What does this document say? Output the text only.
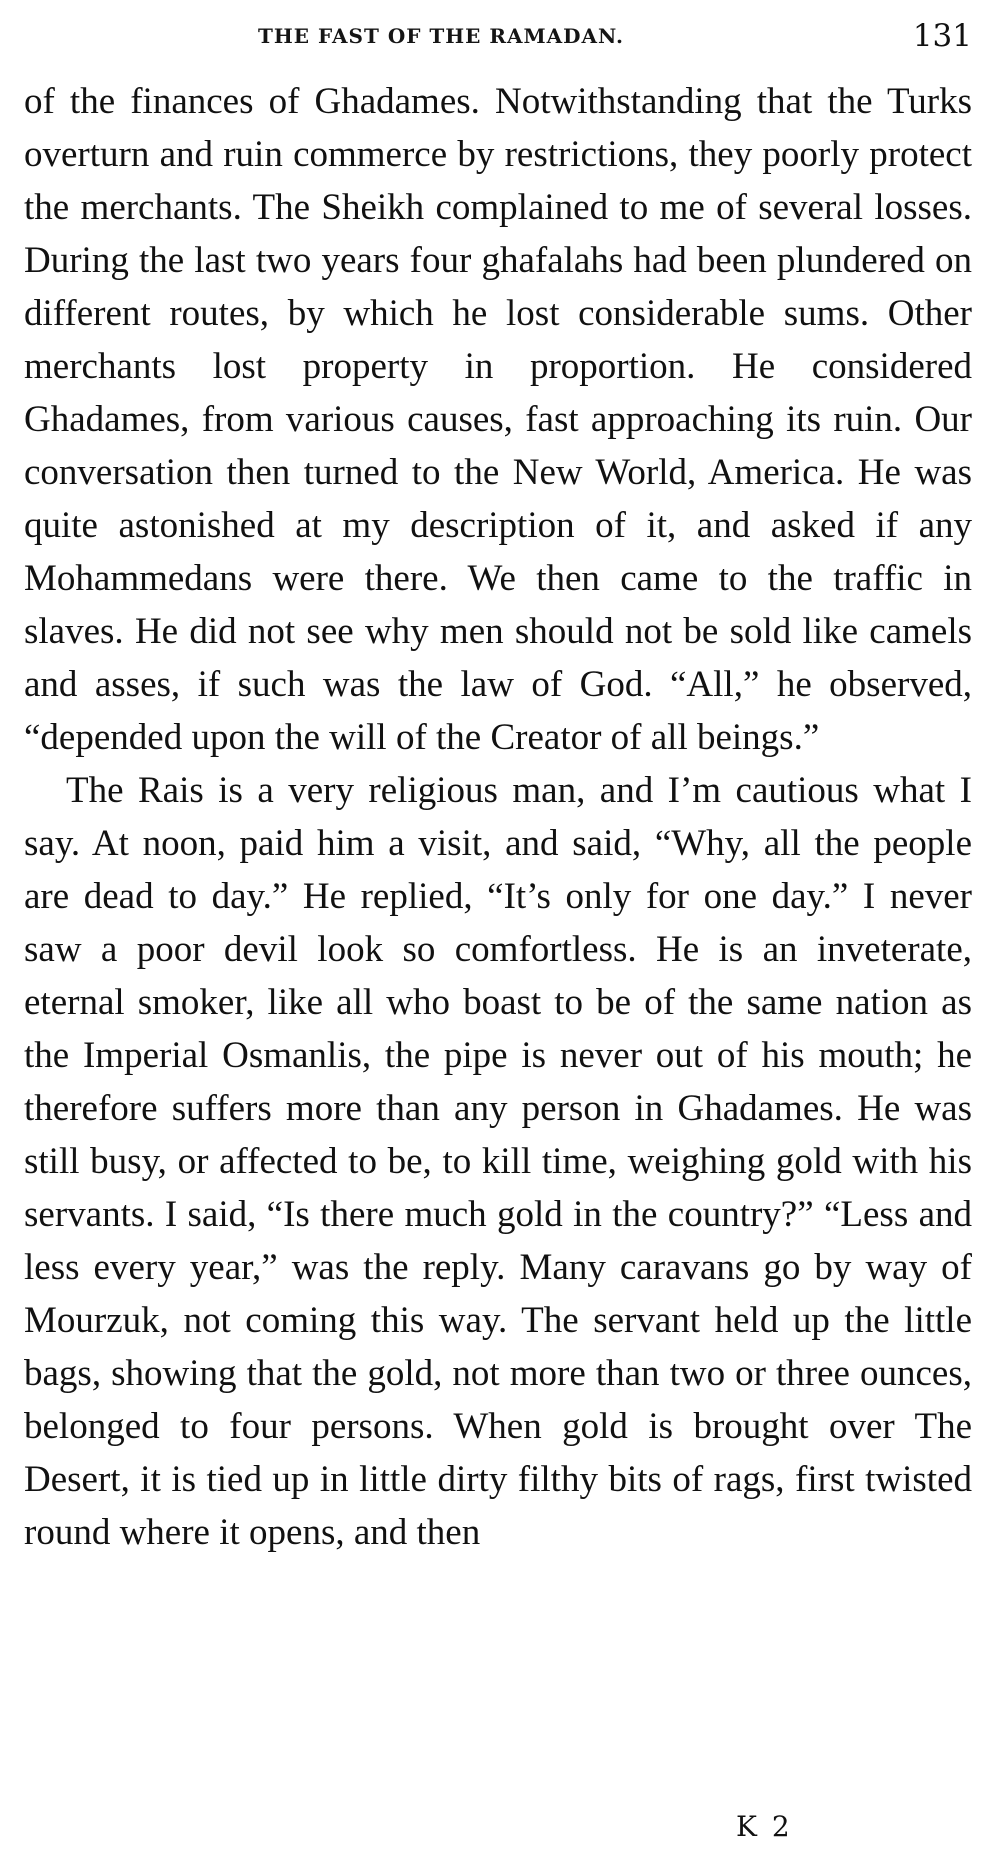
THE FAST OF THE RAMADAN.	131

of the finances of Ghadames. Notwithstanding that the Turks overturn and ruin commerce by restrictions, they poorly protect the merchants. The Sheikh complained to me of several losses. During the last two years four ghafalahs had been plundered on different routes, by which he lost considerable sums. Other merchants lost property in proportion. He considered Ghadames, from various causes, fast approaching its ruin. Our conversation then turned to the New World, America. He was quite astonished at my description of it, and asked if any Mohammedans were there. We then came to the traffic in slaves. He did not see why men should not be sold like camels and asses, if such was the law of God. “All,” he observed, “depended upon the will of the Creator of all beings.”

The Rais is a very religious man, and I’m cautious what I say. At noon, paid him a visit, and said, “Why, all the people are dead to day.” He replied, “It’s only for one day.” I never saw a poor devil look so comfortless. He is an inveterate, eternal smoker, like all who boast to be of the same nation as the Imperial Osmanlis, the pipe is never out of his mouth; he therefore suffers more than any person in Ghadames. He was still busy, or affected to be, to kill time, weighing gold with his servants. I said, “Is there much gold in the country?” “Less and less every year,” was the reply. Many caravans go by way of Mourzuk, not coming this way. The servant held up the little bags, showing that the gold, not more than two or three ounces, belonged to four persons. When gold is brought over The Desert, it is tied up in little dirty filthy bits of rags, first twisted round where it opens, and then

K 2
